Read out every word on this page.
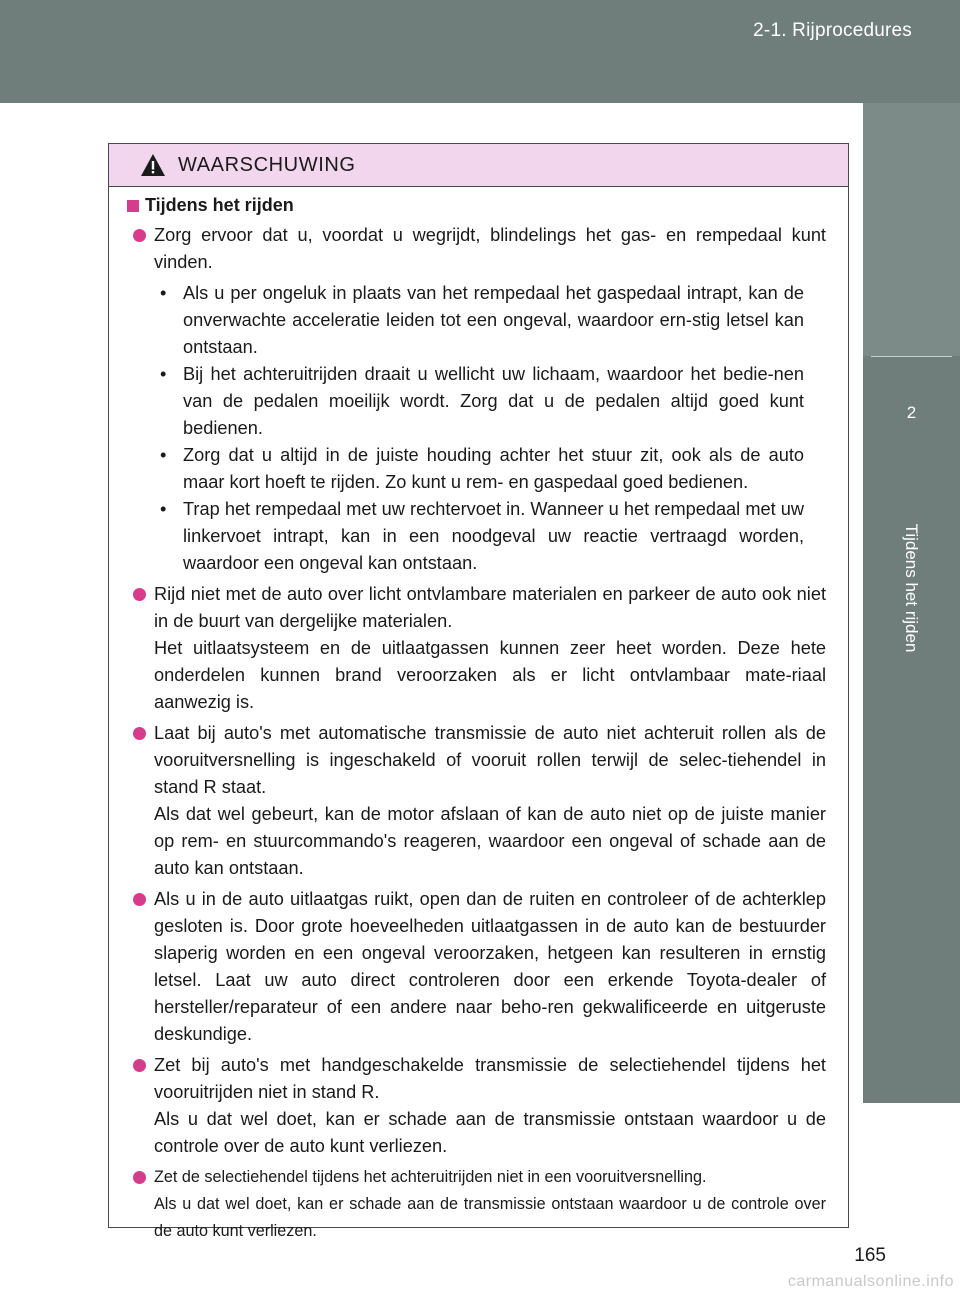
2-1. Rijprocedures
2
Tijdens het rijden
WAARSCHUWING
Tijdens het rijden
Zorg ervoor dat u, voordat u wegrijdt, blindelings het gas- en rempedaal kunt vinden.
• Als u per ongeluk in plaats van het rempedaal het gaspedaal intrapt, kan de onverwachte acceleratie leiden tot een ongeval, waardoor ern-stig letsel kan ontstaan.
• Bij het achteruitrijden draait u wellicht uw lichaam, waardoor het bedie-nen van de pedalen moeilijk wordt. Zorg dat u de pedalen altijd goed kunt bedienen.
• Zorg dat u altijd in de juiste houding achter het stuur zit, ook als de auto maar kort hoeft te rijden. Zo kunt u rem- en gaspedaal goed bedienen.
• Trap het rempedaal met uw rechtervoet in. Wanneer u het rempedaal met uw linkervoet intrapt, kan in een noodgeval uw reactie vertraagd worden, waardoor een ongeval kan ontstaan.
Rijd niet met de auto over licht ontvlambare materialen en parkeer de auto ook niet in de buurt van dergelijke materialen.
Het uitlaatsysteem en de uitlaatgassen kunnen zeer heet worden. Deze hete onderdelen kunnen brand veroorzaken als er licht ontvlambaar mate-riaal aanwezig is.
Laat bij auto's met automatische transmissie de auto niet achteruit rollen als de vooruitversnelling is ingeschakeld of vooruit rollen terwijl de selec-tiehendel in stand R staat.
Als dat wel gebeurt, kan de motor afslaan of kan de auto niet op de juiste manier op rem- en stuurcommando's reageren, waardoor een ongeval of schade aan de auto kan ontstaan.
Als u in de auto uitlaatgas ruikt, open dan de ruiten en controleer of de achterklep gesloten is. Door grote hoeveelheden uitlaatgassen in de auto kan de bestuurder slaperig worden en een ongeval veroorzaken, hetgeen kan resulteren in ernstig letsel. Laat uw auto direct controleren door een erkende Toyota-dealer of hersteller/reparateur of een andere naar beho-ren gekwalificeerde en uitgeruste deskundige.
Zet bij auto's met handgeschakelde transmissie de selectiehendel tijdens het vooruitrijden niet in stand R.
Als u dat wel doet, kan er schade aan de transmissie ontstaan waardoor u de controle over de auto kunt verliezen.
Zet de selectiehendel tijdens het achteruitrijden niet in een vooruitversnelling.
Als u dat wel doet, kan er schade aan de transmissie ontstaan waardoor u de controle over de auto kunt verliezen.
165
carmanualsonline.info
